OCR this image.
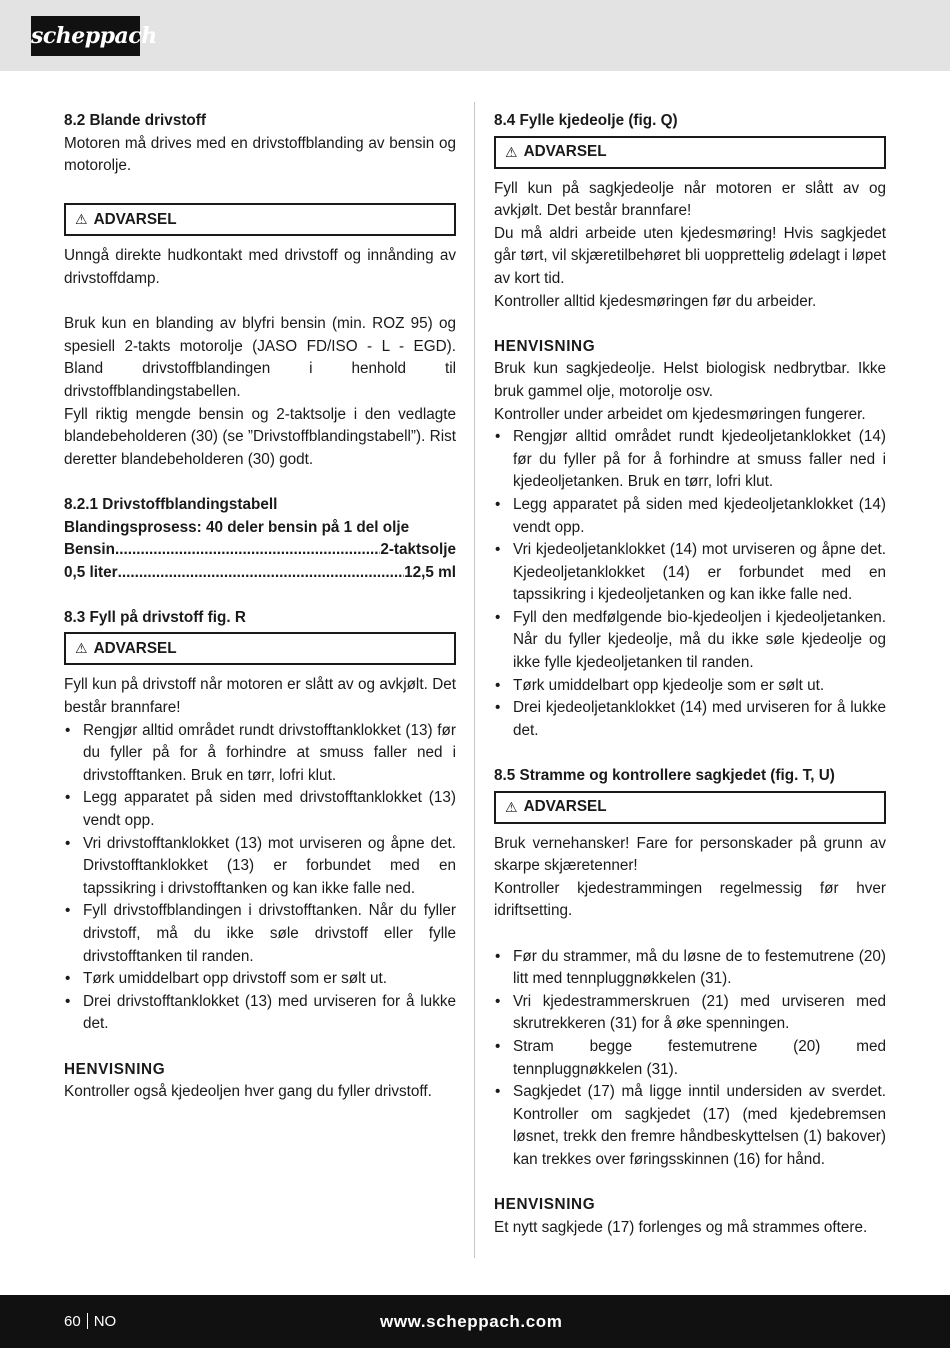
scheppach
8.2 Blande drivstoff

Motoren må drives med en drivstoffblanding av bensin og motorolje.

⚠ ADVARSEL

Unngå direkte hudkontakt med drivstoff og innånding av drivstoffdamp.

Bruk kun en blanding av blyfri bensin (min. ROZ 95) og spesiell 2-takts motorolje (JASO FD/ISO - L - EGD). Bland drivstoffblandingen i henhold til drivstoffblandingstabellen.

Fyll riktig mengde bensin og 2-taktsolje i den vedlagte blandebeholderen (30) (se ”Drivstoffblandingstabell”). Rist deretter blandebeholderen (30) godt.

8.2.1 Drivstoffblandingstabell
Blandingsprosess: 40 deler bensin på 1 del olje
Bensin .....	2-taktsolje
0,5 liter .....	12,5 ml
8.3 Fyll på drivstoff fig. R
⚠ ADVARSEL

Fyll kun på drivstoff når motoren er slått av og avkjølt. Det består brannfare!

• Rengjør alltid området rundt drivstofftanklokket (13) før du fyller på for å forhindre at smuss faller ned i drivstofftanken. Bruk en tørr, lofri klut.
• Legg apparatet på siden med drivstofftanklokket (13) vendt opp.
• Vri drivstofftanklokket (13) mot urviseren og åpne det. Drivstofftanklokket (13) er forbundet med en tapssikring i drivstofftanken og kan ikke falle ned.
• Fyll drivstoffblandingen i drivstofftanken. Når du fyller drivstoff, må du ikke søle drivstoff eller fylle drivstofftanken til randen.
• Tørk umiddelbart opp drivstoff som er sølt ut.
• Drei drivstofftanklokket (13) med urviseren for å lukke det.
HENVISNING

Kontroller også kjedeoljen hver gang du fyller drivstoff.

8.4 Fylle kjedeolje (fig. Q)
⚠ ADVARSEL

Fyll kun på sagkjedeolje når motoren er slått av og avkjølt. Det består brannfare!

Du må aldri arbeide uten kjedesmøring! Hvis sagkjedet går tørt, vil skjæretilbehøret bli uopprettelig ødelagt i løpet av kort tid.

Kontroller alltid kjedesmøringen før du arbeider.

HENVISNING

Bruk kun sagkjedeolje. Helst biologisk nedbrytbar. Ikke bruk gammel olje, motorolje osv.

Kontroller under arbeidet om kjedesmøringen fungerer.

• Rengjør alltid området rundt kjedeoljetanklokket (14) før du fyller på for å forhindre at smuss faller ned i kjedeoljetanken. Bruk en tørr, lofri klut.
• Legg apparatet på siden med kjedeoljetanklokket (14) vendt opp.
• Vri kjedeoljetanklokket (14) mot urviseren og åpne det. Kjedeoljetanklokket (14) er forbundet med en tapssikring i kjedeoljetanken og kan ikke falle ned.
• Fyll den medfølgende bio-kjedeoljen i kjedeoljetanken. Når du fyller kjedeolje, må du ikke søle kjedeolje og ikke fylle kjedeoljetanken til randen.
• Tørk umiddelbart opp kjedeolje som er sølt ut.
• Drei kjedeoljetanklokket (14) med urviseren for å lukke det.
8.5 Stramme og kontrollere sagkjedet (fig. T, U)
⚠ ADVARSEL

Bruk vernehansker! Fare for personskader på grunn av skarpe skjæretenner!

Kontroller kjedestrammingen regelmessig før hver idriftsetting.

• Før du strammer, må du løsne de to festemutrene (20) litt med tennpluggnøkkelen (31).
• Vri kjedestrammerskruen (21) med urviseren med skrutrekkeren (31) for å øke spenningen.
• Stram begge festemutrene (20) med tennpluggnøkkelen (31).
• Sagkjedet (17) må ligge inntil undersiden av sverdet. Kontroller om sagkjedet (17) (med kjedebremsen løsnet, trekk den fremre håndbeskyttelsen (1) bakover) kan trekkes over føringsskinnen (16) for hånd.
HENVISNING

Et nytt sagkjede (17) forlenges og må strammes oftere.

60 NO	www.scheppach.com
